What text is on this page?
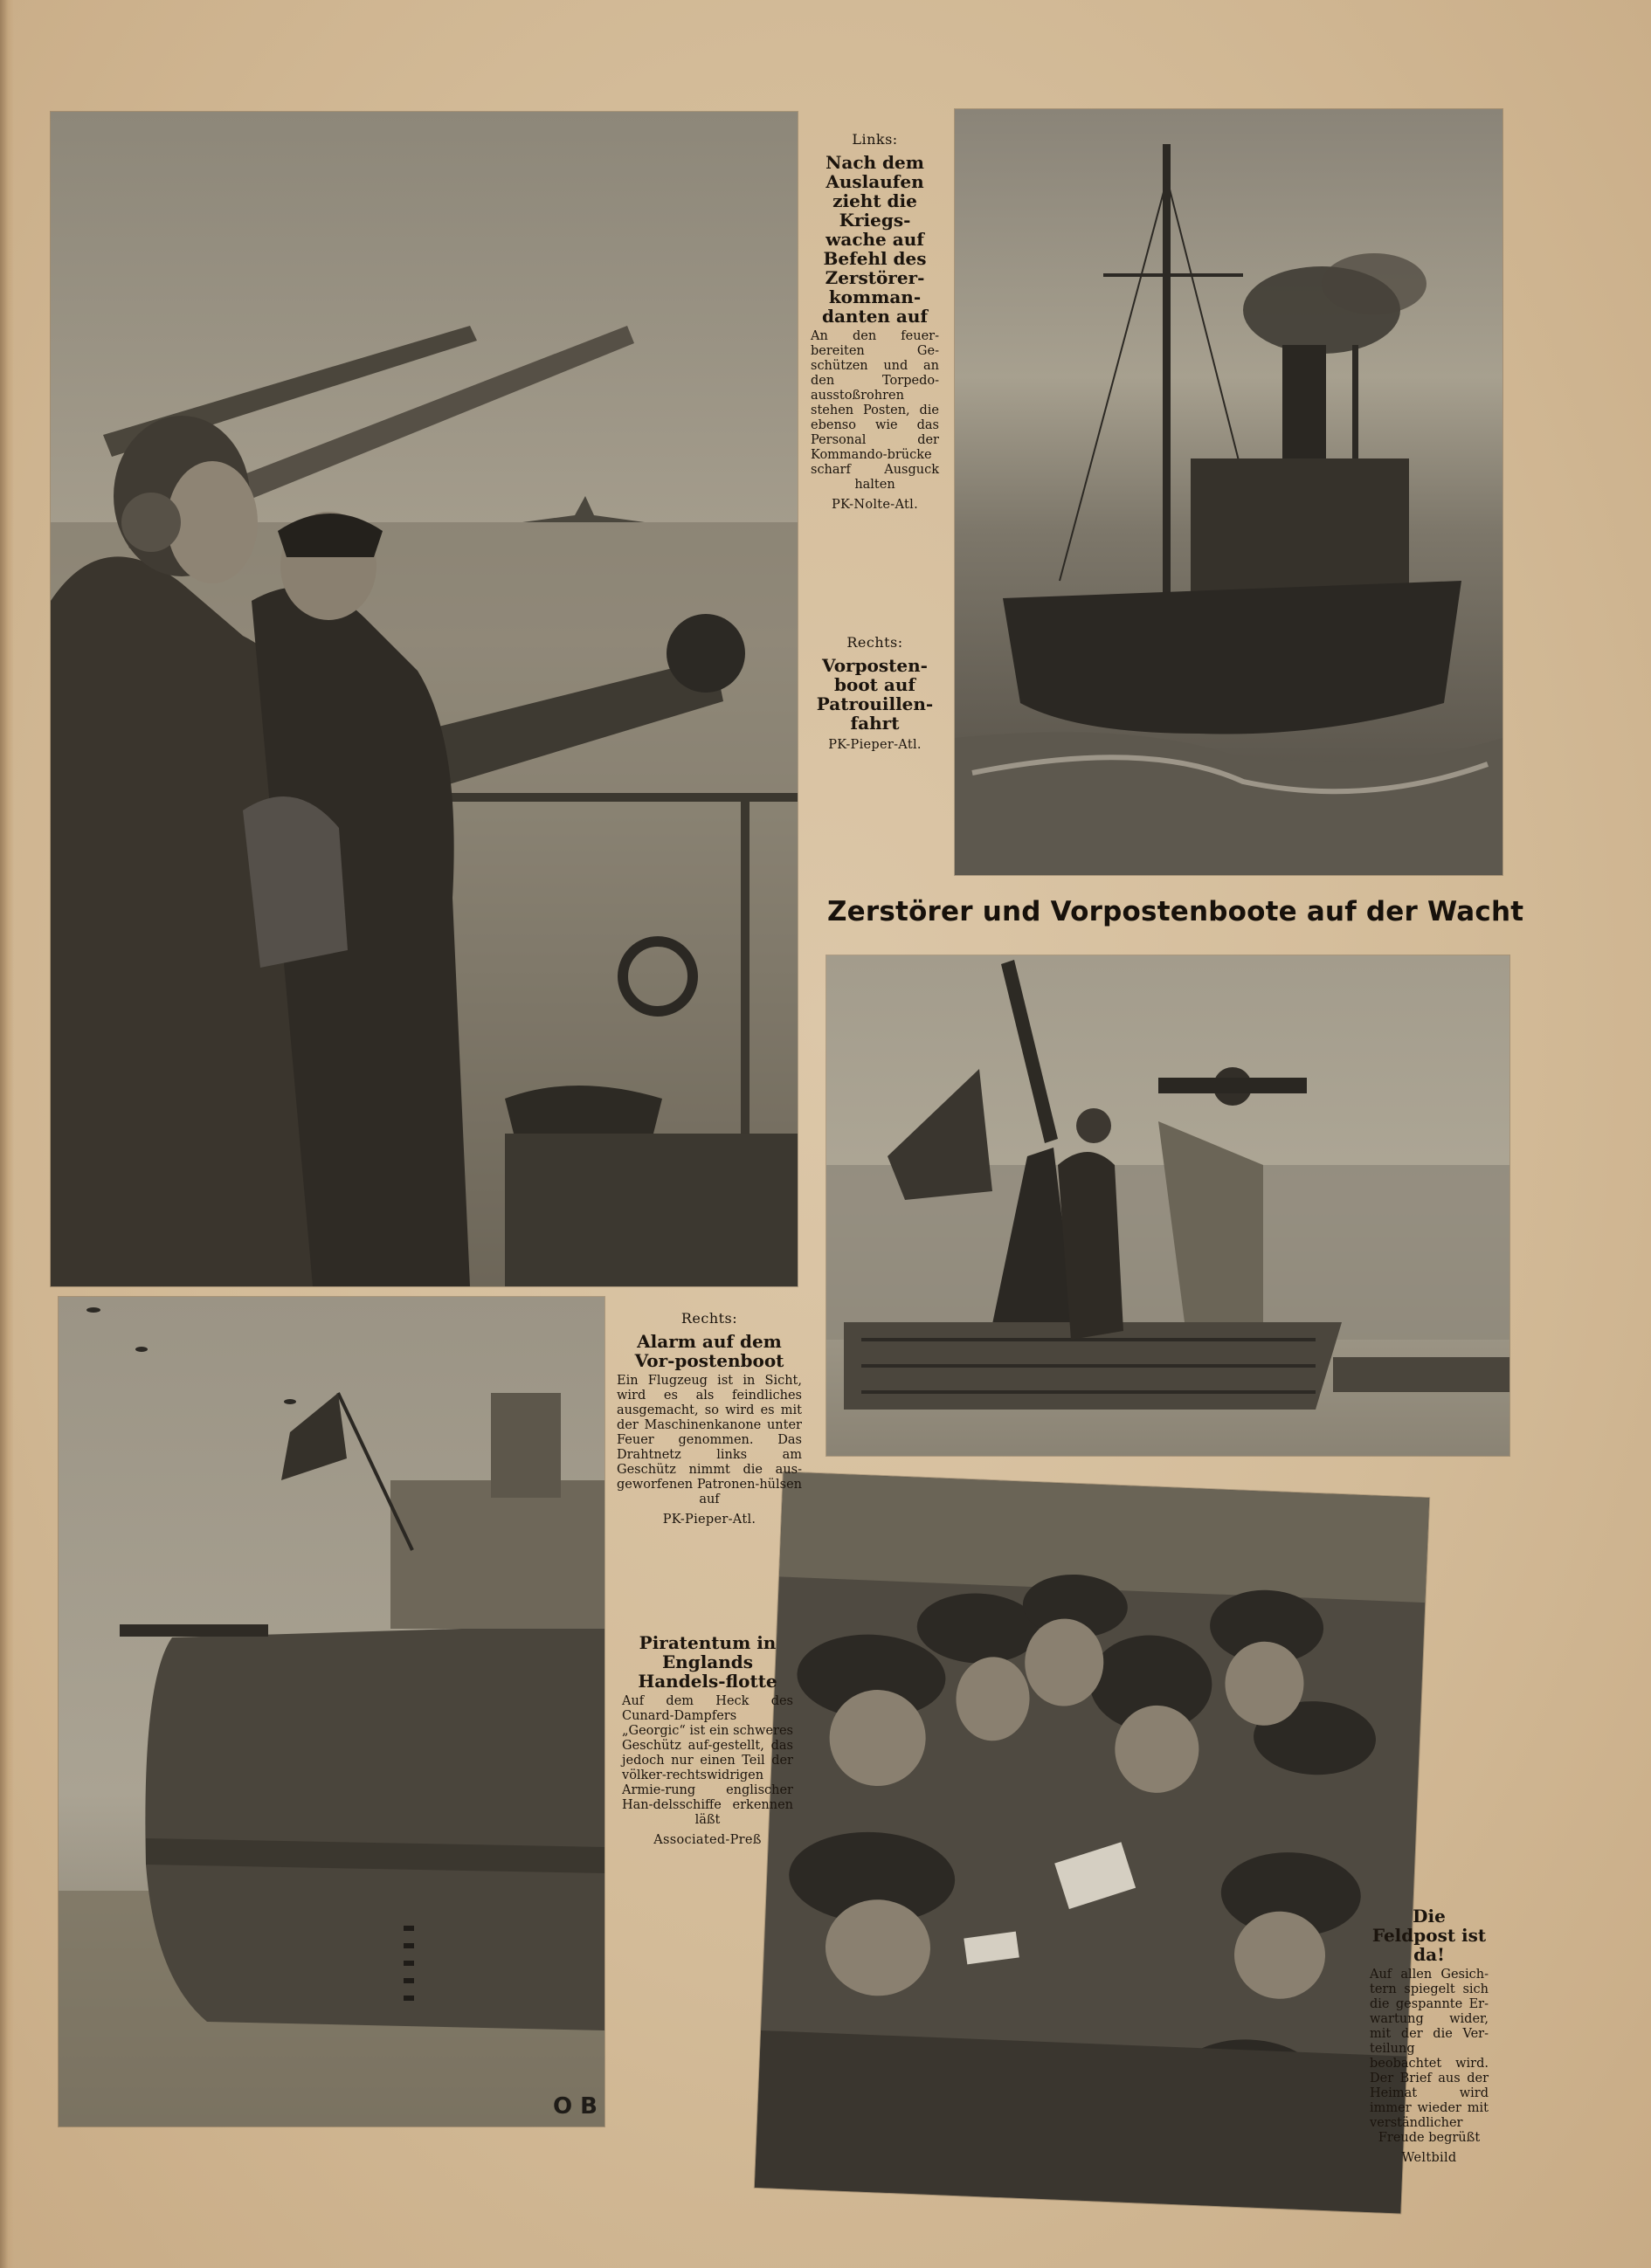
O B
Links:
Nach dem Auslaufen zieht die Kriegs-wache auf Befehl des Zerstörer-komman-danten auf
An den feuer-bereiten Ge-schützen und an den Torpedo-ausstoßrohren stehen Posten, die ebenso wie das Personal der Kommando-brücke scharf Ausguck halten
PK-Nolte-Atl.
Rechts:
Vorposten-boot auf Patrouillen-fahrt
PK-Pieper-Atl.
Zerstörer und Vorpostenboote auf der Wacht
Rechts:
Alarm auf dem Vor-postenboot
Ein Flugzeug ist in Sicht, wird es als feindliches ausgemacht, so wird es mit der Maschinenkanone unter Feuer genommen. Das Drahtnetz links am Geschütz nimmt die aus-geworfenen Patronen-hülsen auf
PK-Pieper-Atl.
Piratentum in Englands Handels-flotte
Auf dem Heck des Cunard-Dampfers „Georgic“ ist ein schweres Geschütz auf-gestellt, das jedoch nur einen Teil der völker-rechtswidrigen Armie-rung englischer Han-delsschiffe erkennen läßt
Associated-Preß
Die Feldpost ist da!
Auf allen Gesich-tern spiegelt sich die gespannte Er-wartung wider, mit der die Ver-teilung beobachtet wird. Der Brief aus der Heimat wird immer wieder mit verständlicher Freude begrüßt
Weltbild
